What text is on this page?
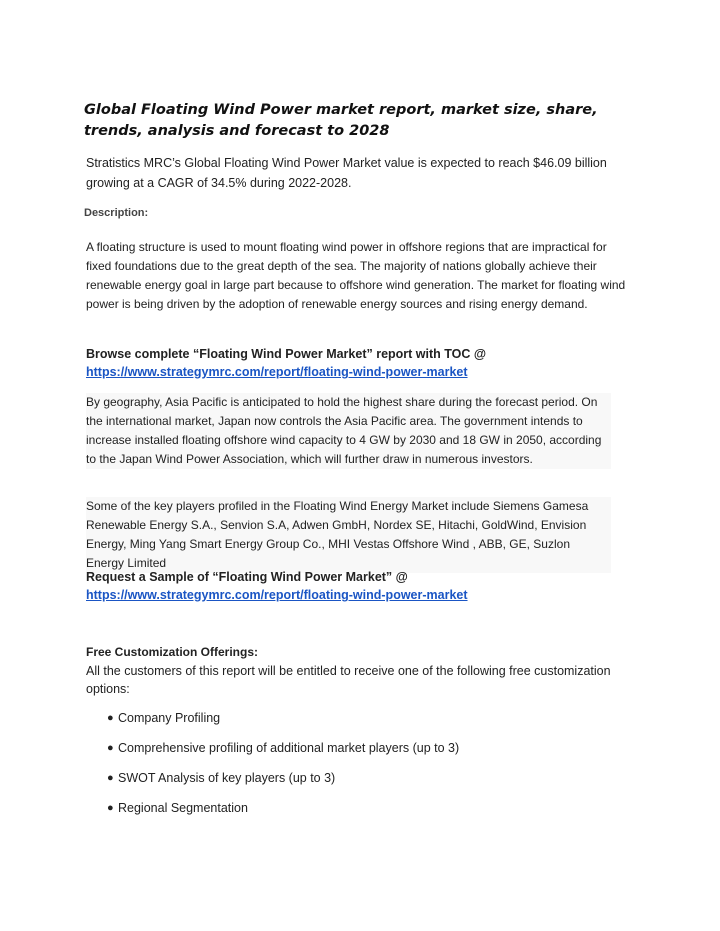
Global Floating Wind Power market report, market size, share, trends, analysis and forecast to 2028

Stratistics MRC’s Global Floating Wind Power Market value is expected to reach $46.09 billion growing at a CAGR of 34.5% during 2022-2028.

Description:

A floating structure is used to mount floating wind power in offshore regions that are impractical for fixed foundations due to the great depth of the sea. The majority of nations globally achieve their renewable energy goal in large part because to offshore wind generation. The market for floating wind power is being driven by the adoption of renewable energy sources and rising energy demand.

Browse complete “Floating Wind Power Market” report with TOC @
https://www.strategymrc.com/report/floating-wind-power-market

By geography, Asia Pacific is anticipated to hold the highest share during the forecast period. On the international market, Japan now controls the Asia Pacific area. The government intends to increase installed floating offshore wind capacity to 4 GW by 2030 and 18 GW in 2050, according to the Japan Wind Power Association, which will further draw in numerous investors.

Some of the key players profiled in the Floating Wind Energy Market include Siemens Gamesa Renewable Energy S.A., Senvion S.A, Adwen GmbH, Nordex SE, Hitachi, GoldWind, Envision Energy, Ming Yang Smart Energy Group Co., MHI Vestas Offshore Wind , ABB, GE, Suzlon Energy Limited

Request a Sample of “Floating Wind Power Market” @
https://www.strategymrc.com/report/floating-wind-power-market

Free Customization Offerings:

All the customers of this report will be entitled to receive one of the following free customization options:

● Company Profiling
● Comprehensive profiling of additional market players (up to 3)
● SWOT Analysis of key players (up to 3)
● Regional Segmentation
